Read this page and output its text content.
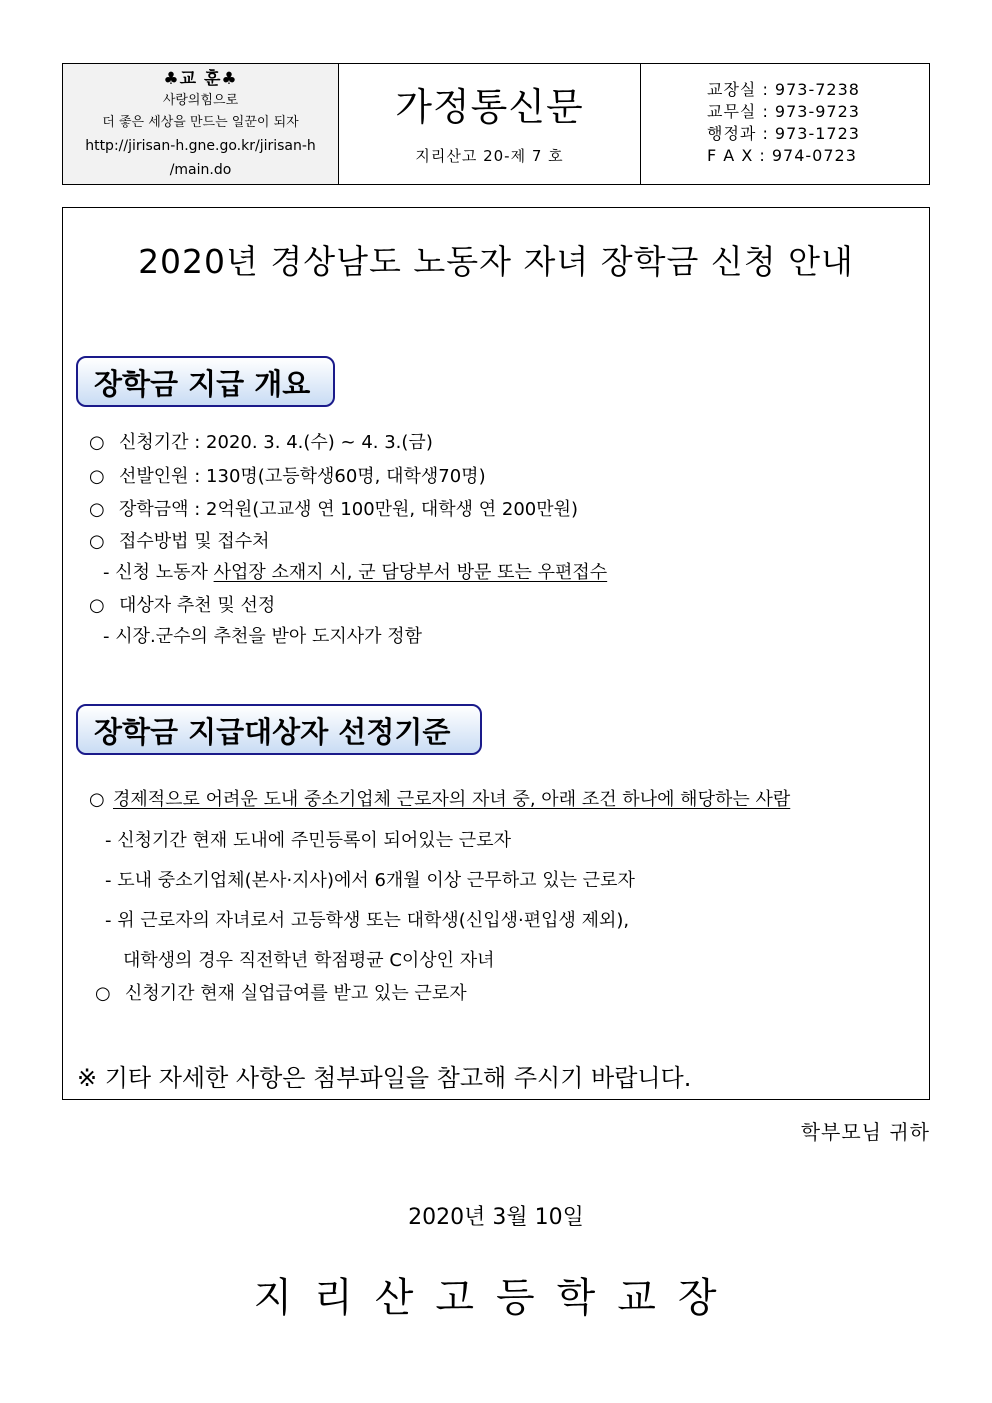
♣교 훈♣
사랑의힘으로
더 좋은 세상을 만드는 일꾼이 되자
http://jirisan-h.gne.go.kr/jirisan-h
/main.do
가정통신문
지리산고 20-제 7 호
교장실 : 973-7238
교무실 : 973-9723
행정과 : 973-1723
F A X : 974-0723
2020년 경상남도 노동자 자녀 장학금 신청 안내
장학금 지급 개요
○ 신청기간 : 2020. 3. 4.(수) ~ 4. 3.(금)
○ 선발인원 : 130명(고등학생60명, 대학생70명)
○ 장학금액 : 2억원(고교생 연 100만원, 대학생 연 200만원)
○ 접수방법 및 접수처
- 신청 노동자 사업장 소재지 시, 군 담당부서 방문 또는 우편접수
○ 대상자 추천 및 선정
- 시장.군수의 추천을 받아 도지사가 정함
장학금 지급대상자 선정기준
○ 경제적으로 어려운 도내 중소기업체 근로자의 자녀 중, 아래 조건 하나에 해당하는 사람
- 신청기간 현재 도내에 주민등록이 되어있는 근로자
- 도내 중소기업체(본사·지사)에서 6개월 이상 근무하고 있는 근로자
- 위 근로자의 자녀로서 고등학생 또는 대학생(신입생·편입생 제외),
대학생의 경우 직전학년 학점평균 C이상인 자녀
○ 신청기간 현재 실업급여를 받고 있는 근로자
※ 기타 자세한 사항은 첨부파일을 참고해 주시기 바랍니다.
학부모님 귀하
2020년 3월 10일
지리산고등학교장
